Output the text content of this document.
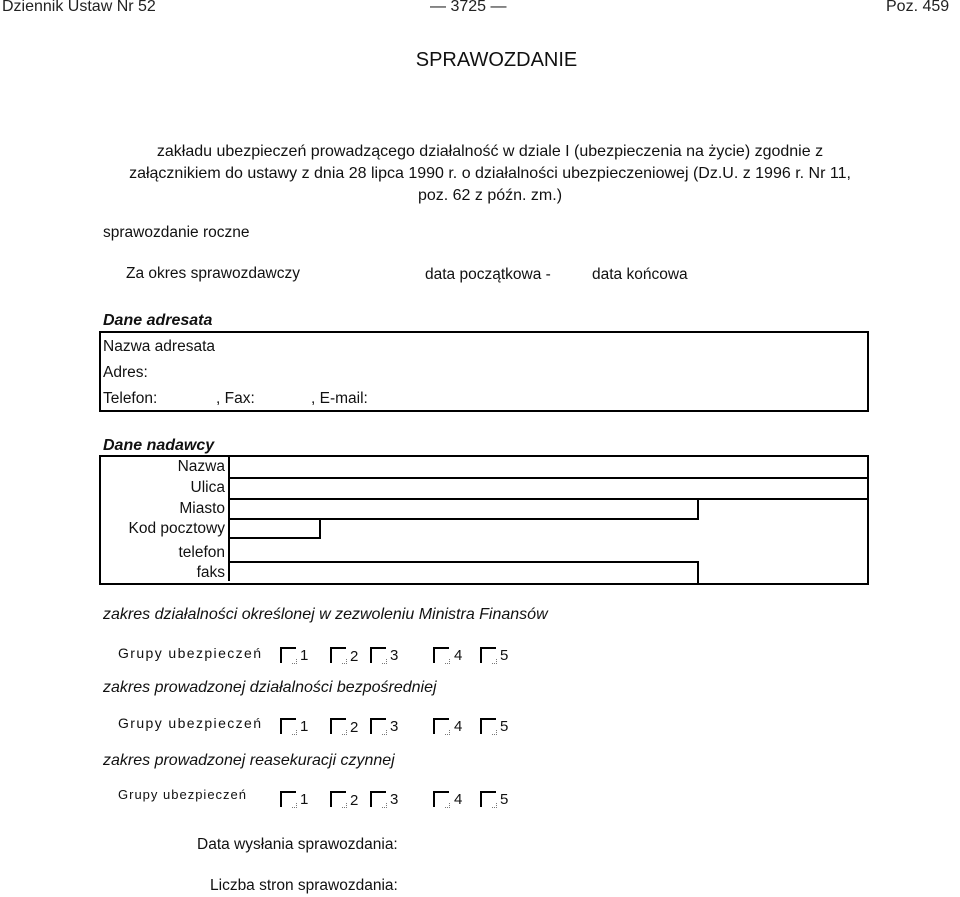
Dziennik Ustaw Nr 52	— 3725 —	Poz. 459
SPRAWOZDANIE
zakładu ubezpieczeń prowadzącego działalność w dziale I (ubezpieczenia na życie) zgodnie z
załącznikiem do ustawy z dnia 28 lipca 1990 r. o działalności ubezpieczeniowej (Dz.U. z 1996 r. Nr 11,
poz. 62 z późn. zm.)
sprawozdanie roczne
Za okres sprawozdawczy	data początkowa -	data końcowa
Dane adresata
Nazwa adresata
Adres:
Telefon:	, Fax:	, E-mail:
Dane nadawcy
Nazwa
Ulica
Miasto
Kod pocztowy
telefon
faks
zakres działalności określonej w zezwoleniu Ministra Finansów
Grupy ubezpieczeń	1	2 3	4	5
zakres prowadzonej działalności bezpośredniej
Grupy ubezpieczeń	1	2 3	4	5
zakres prowadzonej reasekuracji czynnej
Grupy ubezpieczeń	1	2 3	4	5
Data wysłania sprawozdania:
Liczba stron sprawozdania:
